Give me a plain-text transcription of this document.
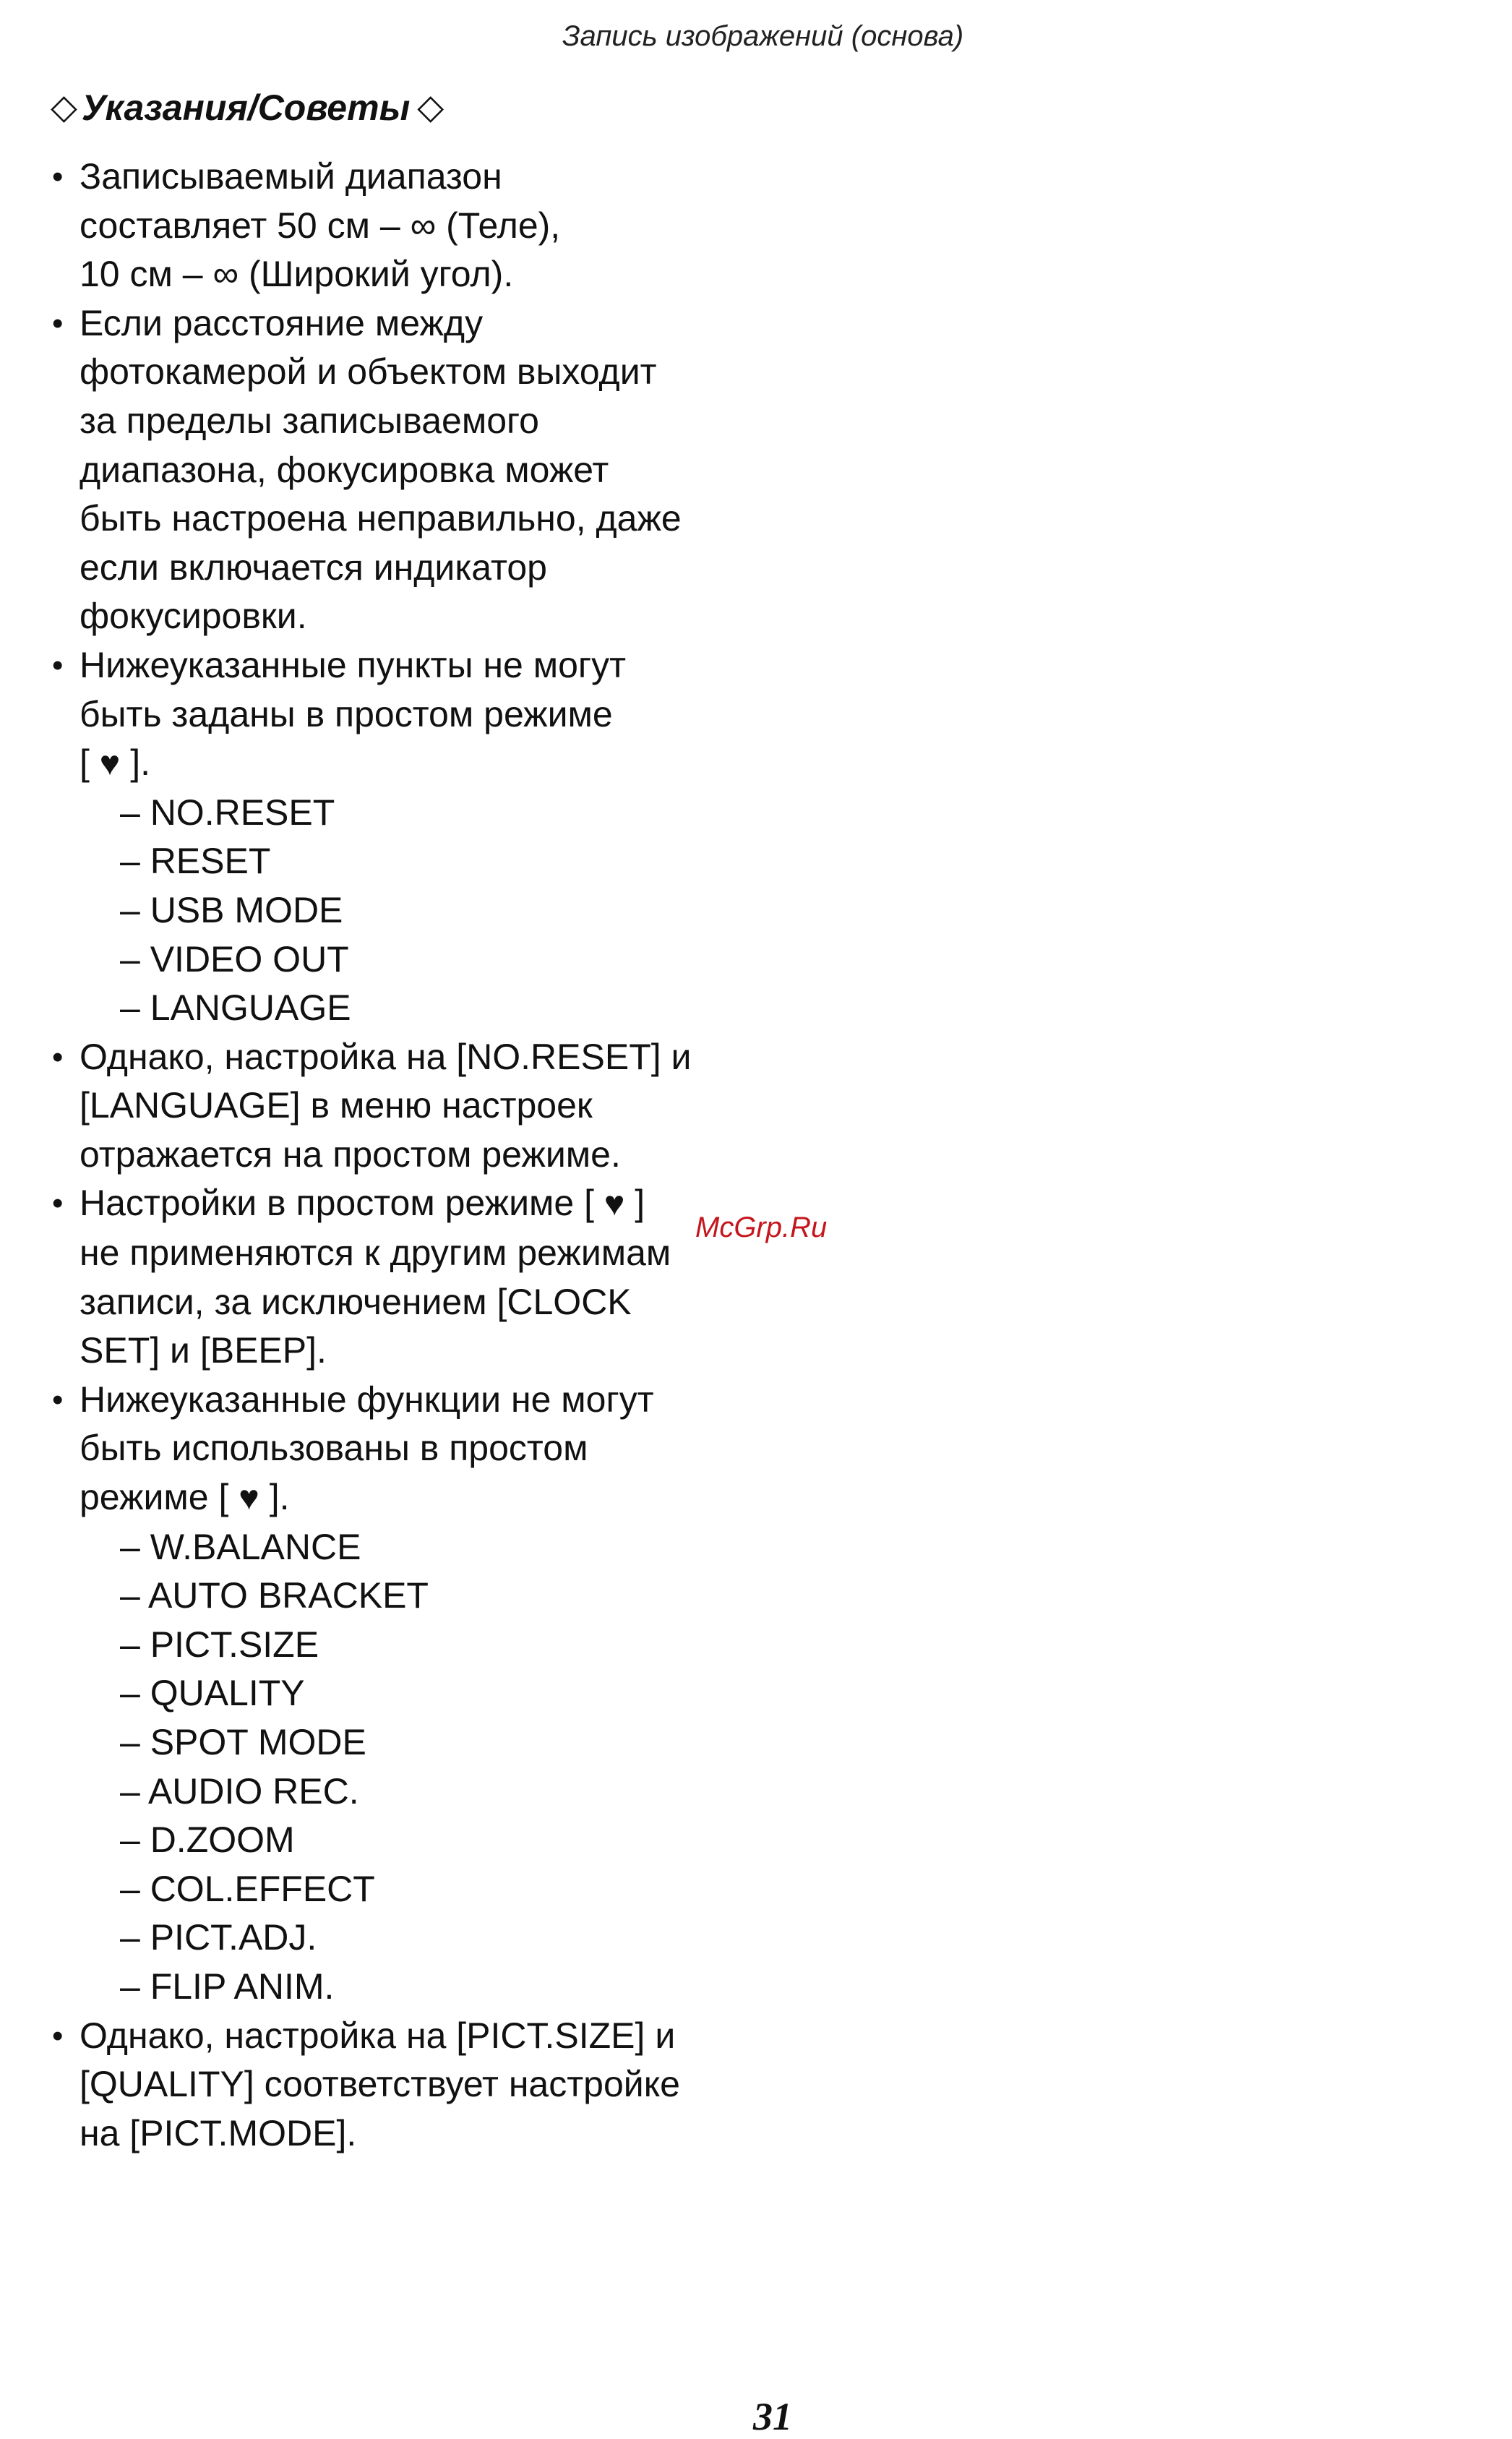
Запись изображений (основа)
◇ Указания/Советы ◇
• Записываемый диапазон
составляет 50 см – ∞ (Теле),
10 см – ∞ (Широкий угол).
• Если расстояние между
фотокамерой и объектом выходит
за пределы записываемого
диапазона, фокусировка может
быть настроена неправильно, даже
если включается индикатор
фокусировки.
• Нижеуказанные пункты не могут
быть заданы в простом режиме
[ ♥ ].
– NO.RESET
– RESET
– USB MODE
– VIDEO OUT
– LANGUAGE
• Однако, настройка на [NO.RESET] и
[LANGUAGE] в меню настроек
отражается на простом режиме.
• Настройки в простом режиме [ ♥ ]
не применяются к другим режимам
записи, за исключением [CLOCK
SET] и [BEEP].
• Нижеуказанные функции не могут
быть использованы в простом
режиме [ ♥ ].
– W.BALANCE
– AUTO BRACKET
– PICT.SIZE
– QUALITY
– SPOT MODE
– AUDIO REC.
– D.ZOOM
– COL.EFFECT
– PICT.ADJ.
– FLIP ANIM.
• Однако, настройка на [PICT.SIZE] и
[QUALITY] соответствует настройке
на [PICT.MODE].
McGrp.Ru
31
